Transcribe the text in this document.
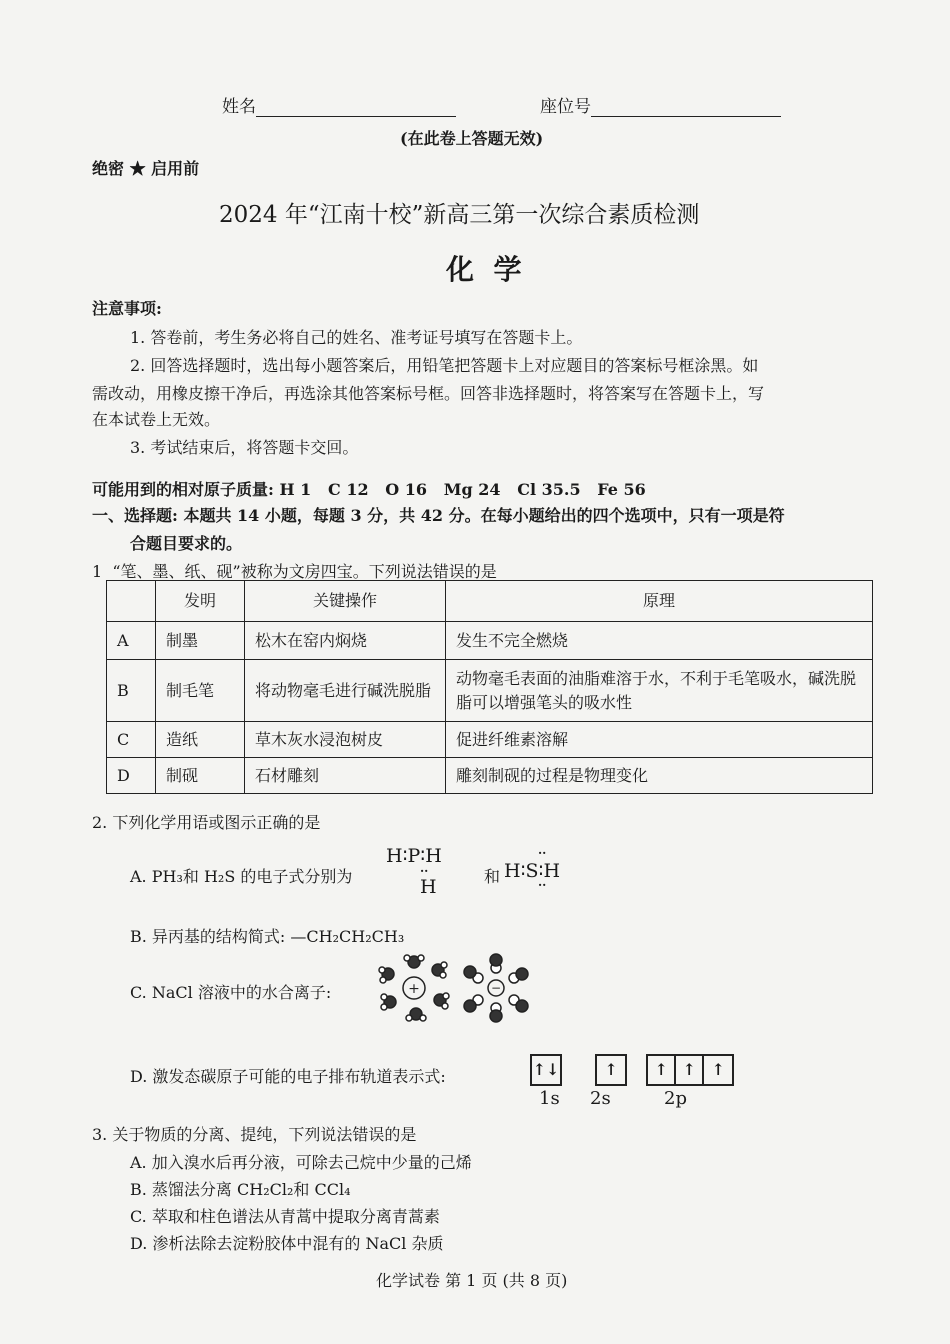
姓名	座位号
(在此卷上答题无效)
绝密 ★ 启用前
2024 年“江南十校”新高三第一次综合素质检测
化  学
注意事项:
1. 答卷前，考生务必将自己的姓名、准考证号填写在答题卡上。
2. 回答选择题时，选出每小题答案后，用铅笔把答题卡上对应题目的答案标号框涂黑。如
需改动，用橡皮擦干净后，再选涂其他答案标号框。回答非选择题时，将答案写在答题卡上，写
在本试卷上无效。
3. 考试结束后，将答题卡交回。
可能用到的相对原子质量: H 1   C 12   O 16   Mg 24   Cl 35.5   Fe 56
一、选择题: 本题共 14 小题，每题 3 分，共 42 分。在每小题给出的四个选项中，只有一项是符
合题目要求的。
1  “笔、墨、纸、砚”被称为文房四宝。下列说法错误的是
	发明	关键操作	原理
A	制墨	松木在窑内焖烧	发生不完全燃烧
B	制毛笔	将动物毫毛进行碱洗脱脂	动物毫毛表面的油脂难溶于水，不利于毛笔吸水，碱洗脱脂可以增强笔头的吸水性
C	造纸	草木灰水浸泡树皮	促进纤维素溶解
D	制砚	石材雕刻	雕刻制砚的过程是物理变化
2. 下列化学用语或图示正确的是
A. PH₃和 H₂S 的电子式分别为
H∶P∶H
··
H	和 H∶S∶H
··
··
B. 异丙基的结构简式: —CH₂CH₂CH₃
C. NaCl 溶液中的水合离子:	+	−
D. 激发态碳原子可能的电子排布轨道表示式:	↑↓	↑ ↑ ↑ ↑
1s 2s	2p
3. 关于物质的分离、提纯，下列说法错误的是
A. 加入溴水后再分液，可除去己烷中少量的己烯
B. 蒸馏法分离 CH₂Cl₂和 CCl₄
C. 萃取和柱色谱法从青蒿中提取分离青蒿素
D. 渗析法除去淀粉胶体中混有的 NaCl 杂质
化学试卷 第 1 页 (共 8 页)
